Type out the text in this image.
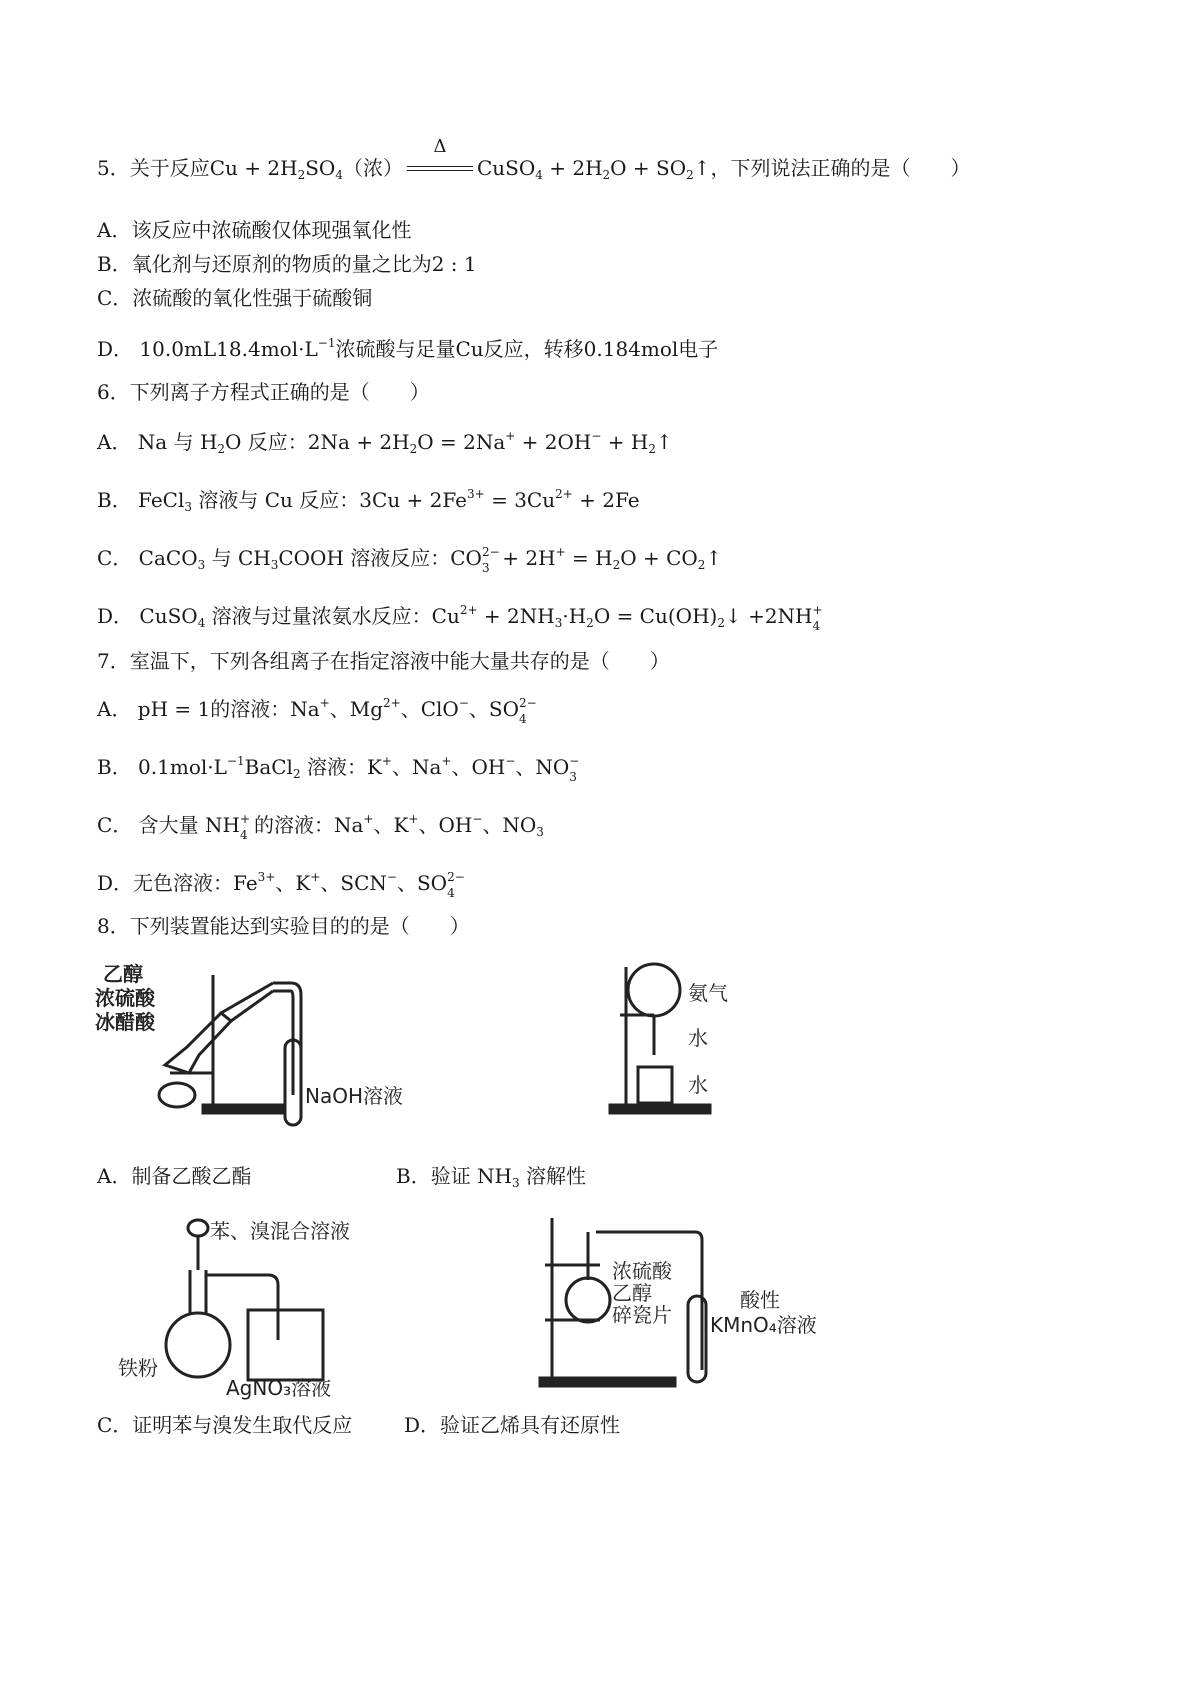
5．关于反应$Cu + 2H_2SO_4$（浓）
Δ
CuSO$_4$ + $2H_2O$ + $SO_2↑$，下列说法正确的是（　　）
A．该反应中浓硫酸仅体现强氧化性
B．氧化剂与还原剂的物质的量之比为2 : 1
C．浓硫酸的氧化性强于硫酸铜
D． $10.0mL18.4mol\cdot L^{-1}$浓硫酸与足量Cu反应，转移0.184mol电子
6．下列离子方程式正确的是（　　）
A． Na 与 $H_2O$ 反应：$2Na + 2H_2O = 2Na^+ + 2OH^-$ + $H_2↑$
B． FeCl$_3$ 溶液与 Cu 反应：$3Cu + 2Fe^{3+} = 3Cu^{2+} + 2Fe$
C． CaCO$_3$ 与 $CH_3COOH$ 溶液反应：CO 2−
$3 + 2H^+ = H_2O$ + $CO_2↑$
D． CuSO$_4$ 溶液与过量浓氨水反应：$Cu^{2+} + 2NH_3\cdot H_2O$ = $Cu(OH)_2↓ +2NH$ +
4
7．室温下，下列各组离子在指定溶液中能大量共存的是（　　）
A． pH = 1的溶液：Na+、$Mg^{2+}$、ClO−、SO 2−
4
B． $0.1mol\cdot L^{-1}BaCl_2$ 溶液：K+、Na+、OH−、NO −
3
C． 含大量 NH +
4 的溶液：Na+、K+、OH−、$NO_3$
D．无色溶液：$Fe^{3+}$、K+、SCN−、SO 2−
4
8．下列装置能达到实验目的的是（　　）
乙醇
浓硫酸
冰醋酸
NaOH溶液
氨气
水
水
A．制备乙酸乙酯	B．验证 $NH_3$ 溶解性
苯、溴混合溶液
铁粉
AgNO₃溶液
浓硫酸
乙醇
碎瓷片
酸性
KMnO₄溶液
C．证明苯与溴发生取代反应	D．验证乙烯具有还原性
